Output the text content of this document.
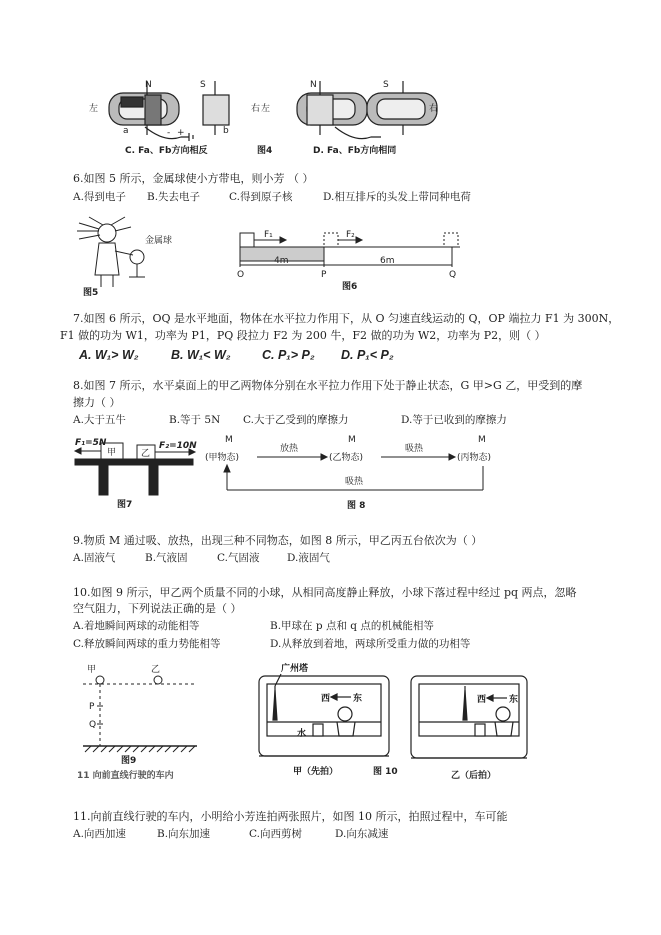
左	右 左	右
N	S	N	S
a	b
- +
C. Fa、Fb方向相反	图4	D. Fa、Fb方向相同
6.如图 5 所示，金属球使小方带电，则小芳 （ ）
A.得到电子 B.失去电子	C.得到原子核	D.相互排斥的头发上带同种电荷
金属球
图5
F₁	F₂
4m	6m
O	P	Q
图6
7.如图 6 所示，OQ 是水平地面，物体在水平拉力作用下，从 O 匀速直线运动的 Q，OP 端拉力 F1 为 300N，
F1 做的功为 W1，功率为 P1，PQ 段拉力 F2 为 200 牛，F2 做的功为 W2，功率为 P2，则（ ）
A. W₁> W₂	B. W₁< W₂	C. P₁> P₂ D. P₁< P₂
8.如图 7 所示，水平桌面上的甲乙两物体分别在水平拉力作用下处于静止状态，G 甲>G 乙，甲受到的摩
擦力（ ）
A.大于五牛	B.等于 5N C.大于乙受到的摩擦力	D.等于已收到的摩擦力
F₁=5N	F₂=10N
甲	乙
图7
M	M	M
(甲物态)	(乙物态)	(丙物态)
放热	吸热
吸热
图 8
9.物质 M 通过吸、放热，出现三种不同物态，如图 8 所示，甲乙丙五台依次为（ ）
A.固液气	B.气液固	C.气固液	D.液固气
10.如图 9 所示，甲乙两个质量不同的小球，从相同高度静止释放，小球下落过程中经过 pq 两点，忽略
空气阻力，下列说法正确的是（ ）
A.着地瞬间两球的动能相等	B.甲球在 p 点和 q 点的机械能相等
C.释放瞬间两球的重力势能相等	D.从释放到着地，两球所受重力做的功相等
甲	乙
P
Q
图9
11 向前直线行驶的车内
广州塔
西	东
水
西	东
甲（先拍）	图 10	乙（后拍）
11.向前直线行驶的车内，小明给小芳连拍两张照片，如图 10 所示，拍照过程中，车可能
A.向西加速	B.向东加速	C.向西剪树	D.向东减速
